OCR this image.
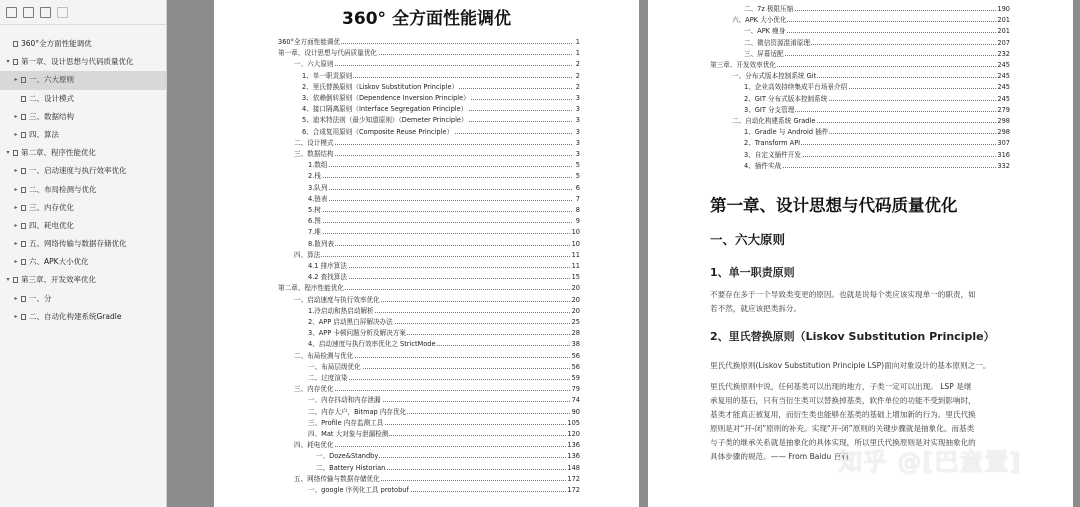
360°全方面性能调优
▾	第一章、设计思想与代码质量优化
▸	一、六大原则
二、设计模式
▸	三、数据结构
▸	四、算法
▾	第二章、程序性能优化
▸	一、启动速度与执行效率优化
▸	二、布局检测与优化
▸	三、内存优化
▸	四、耗电优化
▸	五、网络传输与数据存储优化
▸	六、APK大小优化
▾	第三章、开发效率优化
▸	一、分
▸	二、自动化构建系统Gradle
360° 全方面性能调优
360°全方面性能调优	1
第一章、设计思想与代码质量优化	1
一、六大原则	2
1、单一职责原则	2
2、里氏替换原则（Liskov Substitution Principle）	2
3、依赖倒转原则（Dependence Inversion Principle）	3
4、接口隔离原则（Interface Segregation Principle）	3
5、迪米特法则（最少知道原则）（Demeter Principle）	3
6、合成复用原则（Composite Reuse Principle）	3
二、设计模式	3
三、数据结构	3
1.数组	5
2.栈	5
3.队列	6
4.链表	7
5.树	8
6.图	9
7.堆	10
8.散列表	10
四、算法	11
4.1 排序算法	11
4.2 查找算法	15
第二章、程序性能优化	20
一、启动速度与执行效率优化	20
1.冷启动和热启动解析	20
2、APP 启动黑白屏解决办法	25
3、APP 卡顿问题分析及解决方案	28
4、启动速度与执行效率优化之 StrictMode	38
二、布局检测与优化	56
一、布局层级优化	56
二、过度渲染	59
三、内存优化	79
一、内存抖动和内存泄漏	74
二、内存大户，Bitmap 内存优化	90
三、Profile 内存监测工具	105
四、Mat 大对象与泄漏检测	120
四、耗电优化	136
一、Doze&Standby	136
二、Battery Historian	148
五、网络传输与数据存储优化	172
一、google 序列化工具 protobuf	172
二、7z 极限压缩	190
六、APK 大小优化	201
一、APK 瘦身	201
二、微信资源混淆原理	207
三、屏幕适配	232
第三章、开发效率优化	245
一、分布式版本控制系统 Git	245
1、企业高效持续集成平台场景介绍	245
2、GIT 分布式版本控制系统	245
3、GIT 分支管理	279
二、自动化构建系统 Gradle	298
1、Gradle 与 Android 插件	298
2、Transform API	307
3、自定义插件开发	316
4、插件实战	332
第一章、设计思想与代码质量优化
一、六大原则
1、单一职责原则
不要存在多于一个导致类变更的原因。也就是说每个类应该实现单一的职责，如
若不然，就应该把类拆分。
2、里氏替换原则（Liskov Substitution Principle）
里氏代换原则(Liskov Substitution Principle LSP)面向对象设计的基本原则之一。
里氏代换原则中说，任何基类可以出现的地方，子类一定可以出现。 LSP 是继
承复用的基石，只有当衍生类可以替换掉基类，软件单位的功能不受到影响时，
基类才能真正被复用，而衍生类也能够在基类的基础上增加新的行为。里氏代换
原则是对“开-闭”原则的补充。实现“开-闭”原则的关键步骤就是抽象化。而基类
与子类的继承关系就是抽象化的具体实现，所以里氏代换原则是对实现抽象化的
具体步骤的规范。—— From Baidu 百科
知乎 @[巴童置]
